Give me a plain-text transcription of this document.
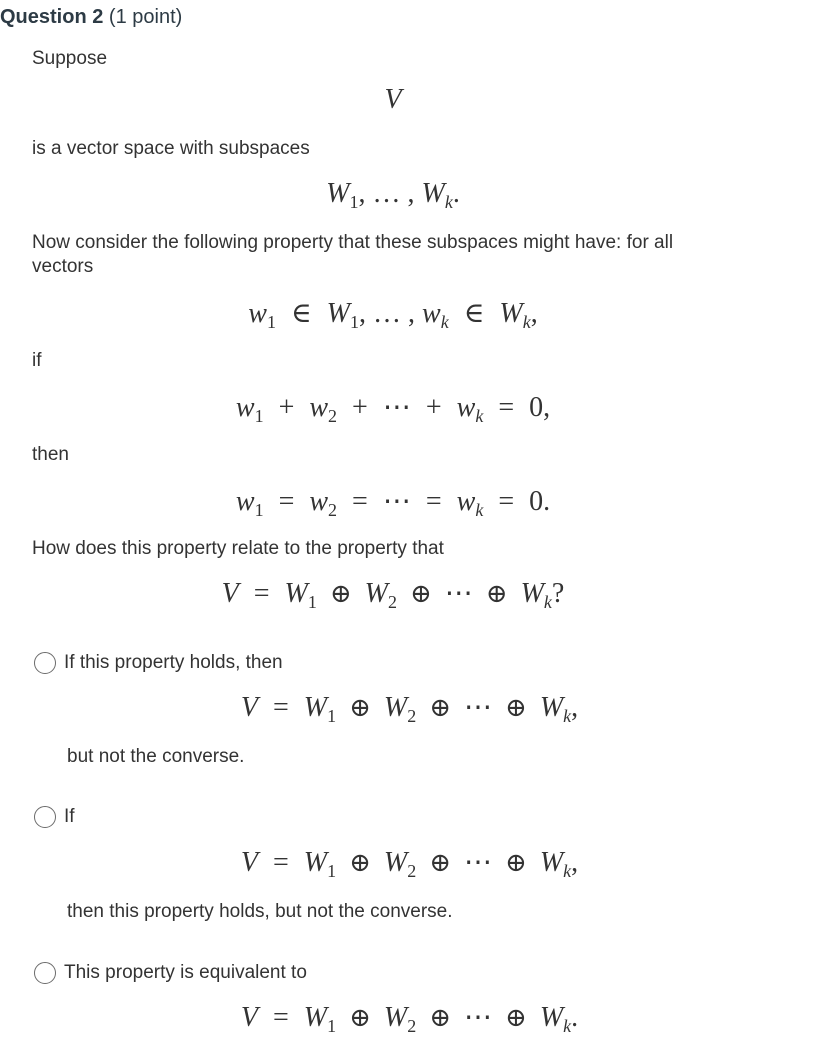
Question 2 (1 point)
Suppose
V
is a vector space with subspaces
$W_1$, … , $W_k$.
Now consider the following property that these subspaces might have: for all
vectors
$w_1$ ∈ $W_1$, … , $w_k$ ∈ $W_k$,
if
$w_1 + w_2$ + ⋯ + $w_k = 0$,
then
$w_1 = w_2$ = ⋯ = $w_k = 0$.
How does this property relate to the property that
$V = W_1$ ⊕ $W_2$ ⊕ ⋯ ⊕ $W_k$?
If this property holds, then
$V = W_1$ ⊕ $W_2$ ⊕ ⋯ ⊕ $W_k$,
but not the converse.
If
$V = W_1$ ⊕ $W_2$ ⊕ ⋯ ⊕ $W_k$,
then this property holds, but not the converse.
This property is equivalent to
$V = W_1$ ⊕ $W_2$ ⊕ ⋯ ⊕ $W_k$.
